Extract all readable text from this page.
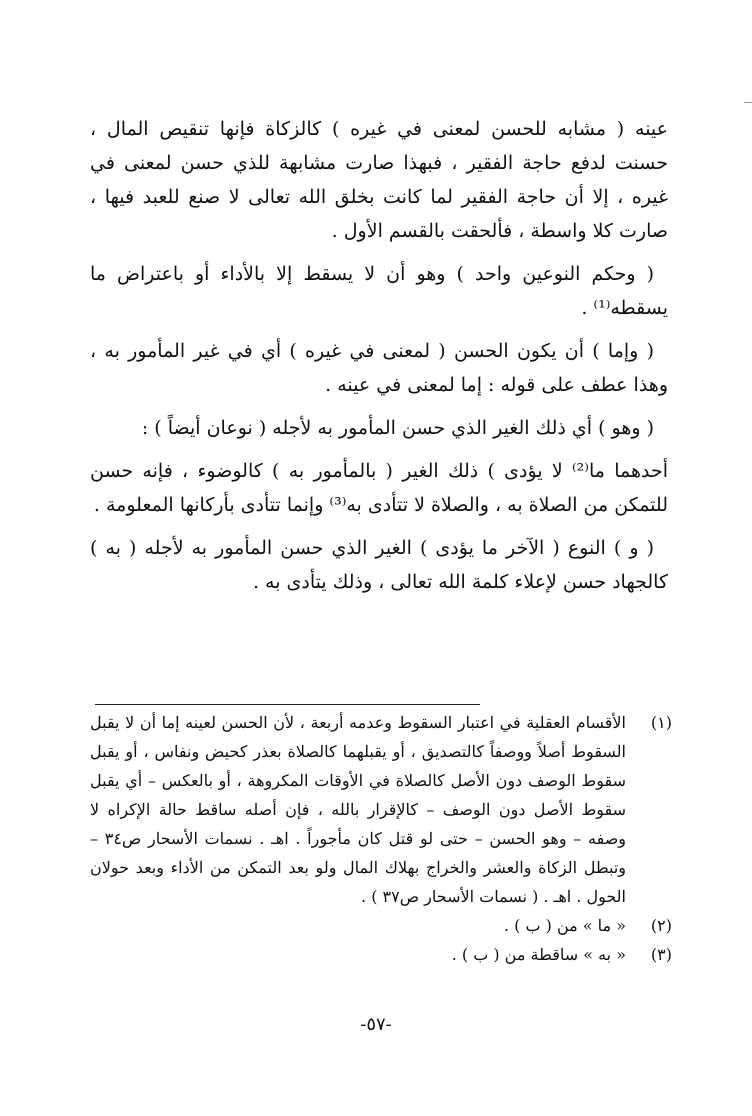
عينه ( مشابه للحسن لمعنى في غيره ) كالزكاة فإنها تنقيص المال ، حسنت لدفع حاجة الفقير ، فبهذا صارت مشابهة للذي حسن لمعنى في غيره ، إلا أن حاجة الفقير لما كانت بخلق الله تعالى لا صنع للعبد فيها ، صارت كلا واسطة ، فألحقت بالقسم الأول .

( وحكم النوعين واحد ) وهو أن لا يسقط إلا بالأداء أو باعتراض ما يسقطه⁽¹⁾ .

( وإما ) أن يكون الحسن ( لمعنى في غيره ) أي في غير المأمور به ، وهذا عطف على قوله : إما لمعنى في عينه .

( وهو ) أي ذلك الغير الذي حسن المأمور به لأجله ( نوعان أيضاً ) :

أحدهما ما⁽²⁾ لا يؤدى ) ذلك الغير ( بالمأمور به ) كالوضوء ، فإنه حسن للتمكن من الصلاة به ، والصلاة لا تتأدى به⁽³⁾ وإنما تتأدى بأركانها المعلومة .

( و ) النوع ( الآخر ما يؤدى ) الغير الذي حسن المأمور به لأجله ( به ) كالجهاد حسن لإعلاء كلمة الله تعالى ، وذلك يتأدى به .

(١)
الأقسام العقلية في اعتبار السقوط وعدمه أربعة ، لأن الحسن لعينه إما أن لا يقبل السقوط أصلاً ووصفاً كالتصديق ، أو يقبلهما كالصلاة بعذر كحيض ونفاس ، أو يقبل سقوط الوصف دون الأصل كالصلاة في الأوقات المكروهة ، أو بالعكس – أي يقبل سقوط الأصل دون الوصف – كالإقرار بالله ، فإن أصله ساقط حالة الإكراه لا وصفه – وهو الحسن – حتى لو قتل كان مأجوراً . اهـ . نسمات الأسحار ص٣٤ – وتبطل الزكاة والعشر والخراج بهلاك المال ولو بعد التمكن من الأداء وبعد حولان الحول . اهـ . ( نسمات الأسحار ص٣٧ ) .
(٢)
« ما » من ( ب ) .
(٣)
« به » ساقطة من ( ب ) .
-٥٧-
